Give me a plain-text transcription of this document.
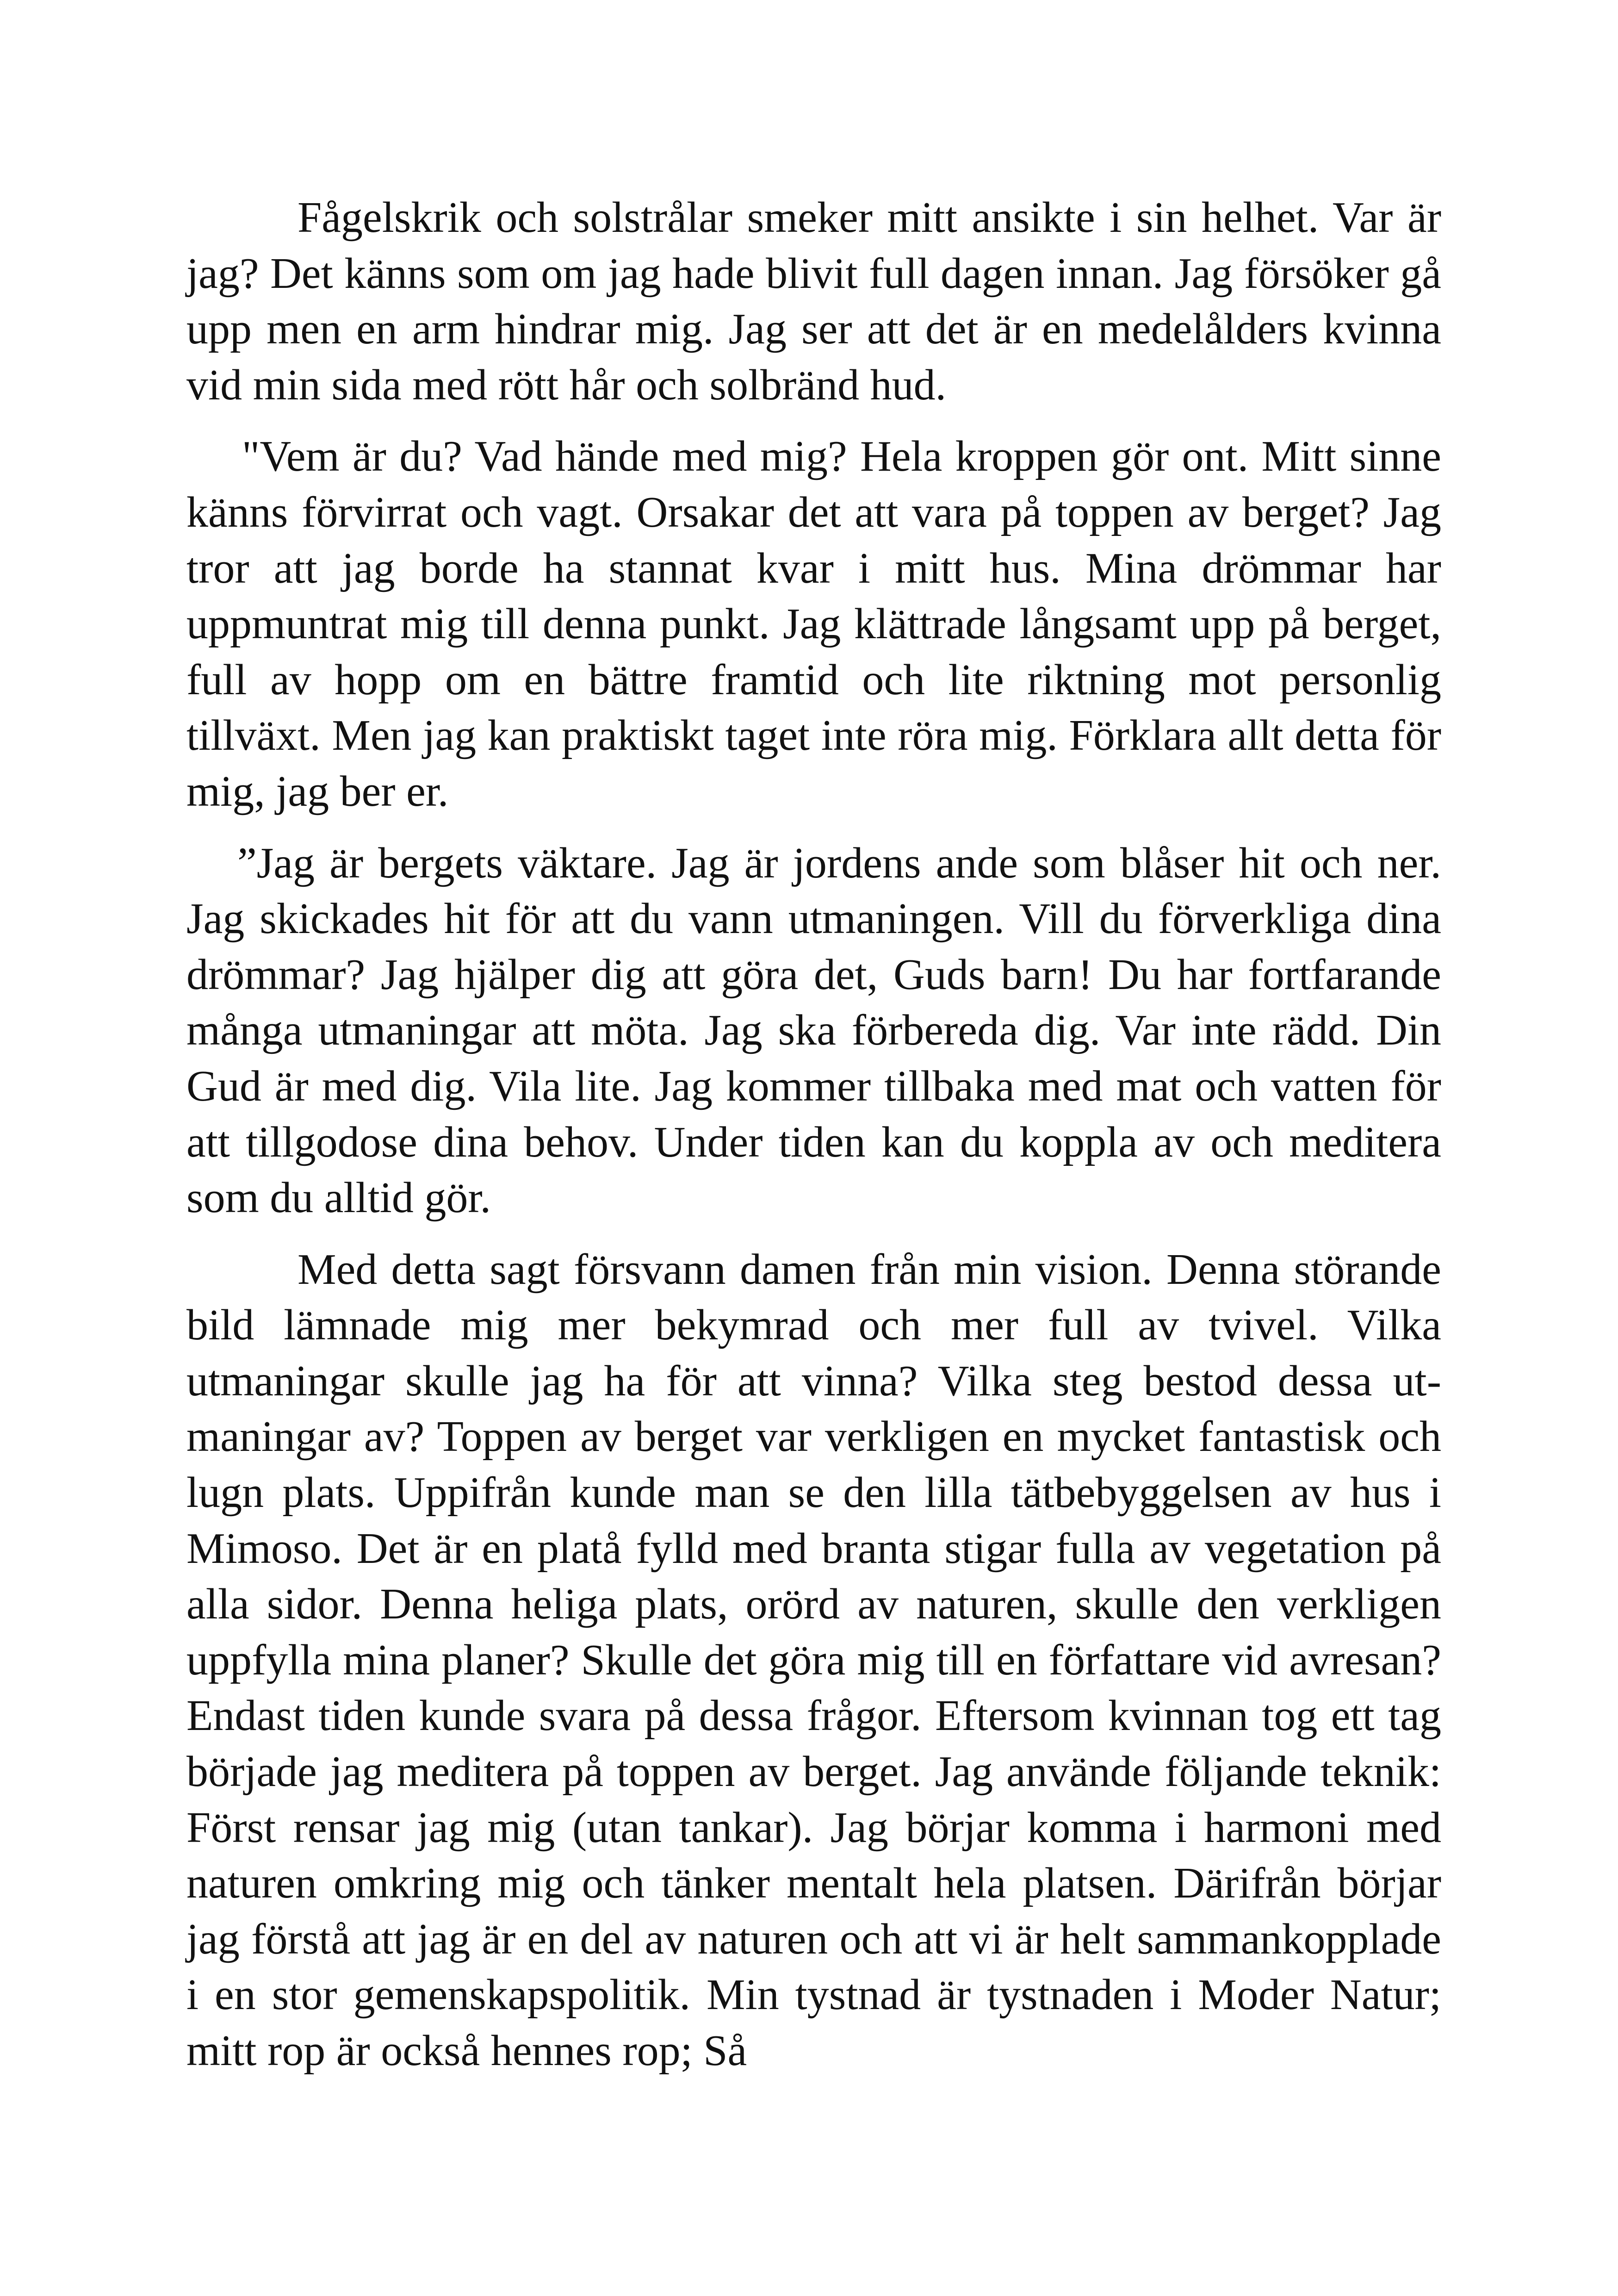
Fågelskrik och solstrålar smeker mitt ansikte i sin helhet. Var är jag? Det känns som om jag hade blivit full dagen innan. Jag försöker gå upp men en arm hindrar mig. Jag ser att det är en medelålders kvinna vid min sida med rött hår och solbränd hud.

"Vem är du? Vad hände med mig? Hela kroppen gör ont. Mitt sinne känns förvirrat och vagt. Orsakar det att vara på toppen av berget? Jag tror att jag borde ha stannat kvar i mitt hus. Mina drömmar har uppmuntrat mig till denna punkt. Jag klättrade långsamt upp på berget, full av hopp om en bättre framtid och lite riktning mot personlig tillväxt. Men jag kan praktiskt taget inte röra mig. Förklara allt detta för mig, jag ber er.

”Jag är bergets väktare. Jag är jordens ande som blåser hit och ner. Jag skickades hit för att du vann utmaningen. Vill du förverkliga dina drömmar? Jag hjälper dig att göra det, Guds barn! Du har fortfarande många utmaningar att möta. Jag ska förbereda dig. Var inte rädd. Din Gud är med dig. Vila lite. Jag kommer tillbaka med mat och vatten för att tillgodose dina behov. Under tiden kan du koppla av och meditera som du alltid gör.

Med detta sagt försvann damen från min vision. Denna störande bild lämnade mig mer bekymrad och mer full av tvivel. Vilka utmaningar skulle jag ha för att vinna? Vilka steg bestod dessa utmaningar av? Toppen av berget var verkligen en mycket fantastisk och lugn plats. Uppifrån kunde man se den lilla tätbebyggelsen av hus i Mimoso. Det är en platå fylld med branta stigar fulla av vegetation på alla sidor. Denna heliga plats, orörd av naturen, skulle den verkligen uppfylla mina planer? Skulle det göra mig till en författare vid avresan? Endast tiden kunde svara på dessa frågor. Eftersom kvinnan tog ett tag började jag meditera på toppen av berget. Jag använde följande teknik: Först rensar jag mig (utan tankar). Jag börjar komma i harmoni med naturen omkring mig och tänker mentalt hela platsen. Därifrån börjar jag förstå att jag är en del av naturen och att vi är helt sammankopplade i en stor gemenskapspolitik. Min tystnad är tystnaden i Moder Natur; mitt rop är också hennes rop; Så
